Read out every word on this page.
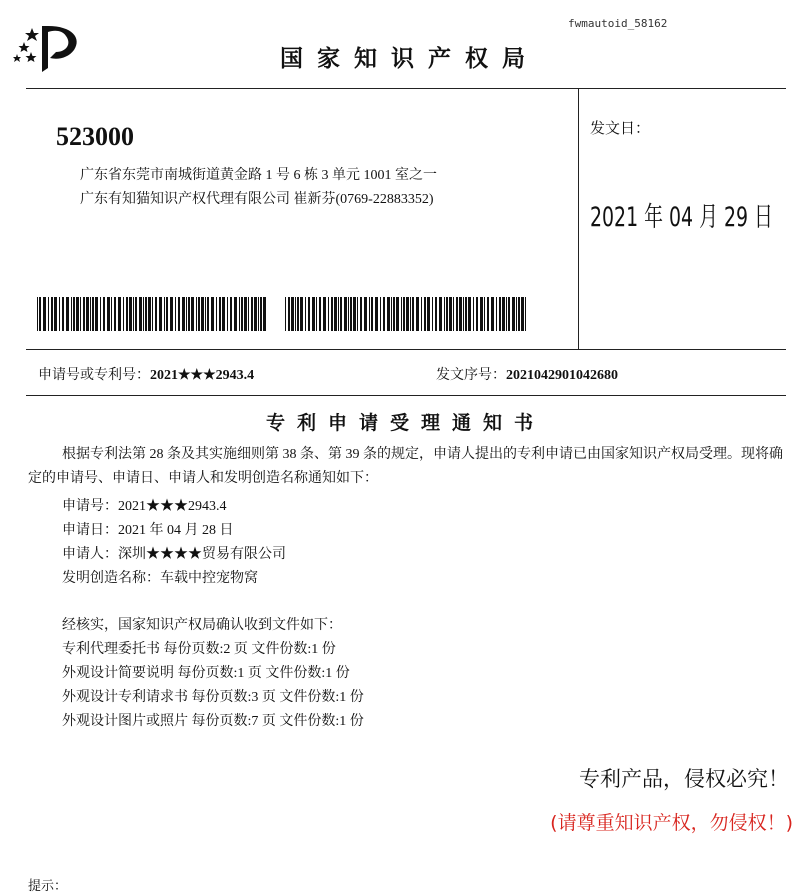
fwmautoid_58162
国家知识产权局
523000
广东省东莞市南城街道黄金路 1 号 6 栋 3 单元 1001 室之一
广东有知猫知识产权代理有限公司 崔新芬(0769-22883352)
发文日：
2021 年 04 月 29 日
申请号或专利号：2021★★★2943.4	发文序号：2021042901042680
专利申请受理通知书
根据专利法第 28 条及其实施细则第 38 条、第 39 条的规定，申请人提出的专利申请已由国家知识产权局受理。现将确定的申请号、申请日、申请人和发明创造名称通知如下：
申请号：2021★★★2943.4
申请日：2021 年 04 月 28 日
申请人：深圳★★★★贸易有限公司
发明创造名称：车载中控宠物窝
经核实，国家知识产权局确认收到文件如下：
专利代理委托书 每份页数:2 页 文件份数:1 份
外观设计简要说明 每份页数:1 页 文件份数:1 份
外观设计专利请求书 每份页数:3 页 文件份数:1 份
外观设计图片或照片 每份页数:7 页 文件份数:1 份
专利产品，侵权必究！
(请尊重知识产权，勿侵权！)
提示：
